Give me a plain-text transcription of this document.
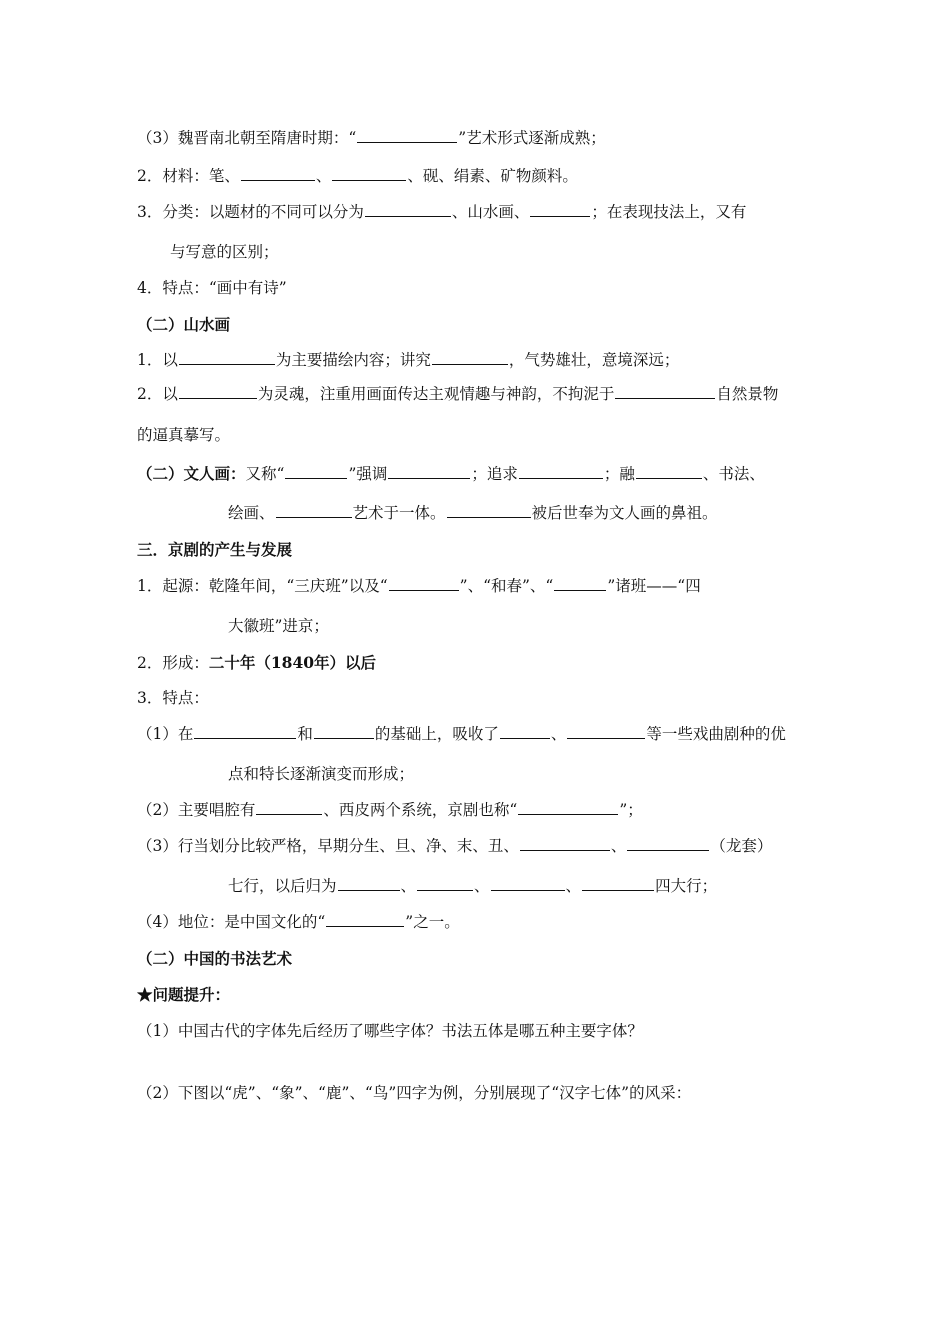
（3）魏晋南北朝至隋唐时期：“	”艺术形式逐渐成熟；
2．材料：笔、	、	、砚、绢素、矿物颜料。
3．分类：以题材的不同可以分为	、山水画、	；在表现技法上，又有
与写意的区别；
4．特点：“画中有诗”
（二）山水画
1．以	为主要描绘内容；讲究	，气势雄壮，意境深远；
2．以	为灵魂，注重用画面传达主观情趣与神韵，不拘泥于	自然景物
的逼真摹写。
（二）文人画：又称“	”强调	；追求	；融	、书法、
绘画、	艺术于一体。	被后世奉为文人画的鼻祖。
三．京剧的产生与发展
1．起源：乾隆年间，“三庆班”以及“	”、“和春”、“	”诸班——“四
大徽班”进京；
2．形成：二十年（1840年）以后
3．特点：
（1）在	和	的基础上，吸收了	、	等一些戏曲剧种的优
点和特长逐渐演变而形成；
（2）主要唱腔有	、西皮两个系统，京剧也称“	”；
（3）行当划分比较严格，早期分生、旦、净、末、丑、	、	（龙套）
七行，以后归为	、	、	、	四大行；
（4）地位：是中国文化的“	”之一。
（二）中国的书法艺术
★问题提升：
（1）中国古代的字体先后经历了哪些字体？书法五体是哪五种主要字体？
（2）下图以“虎”、“象”、“鹿”、“鸟”四字为例，分别展现了“汉字七体”的风采：
